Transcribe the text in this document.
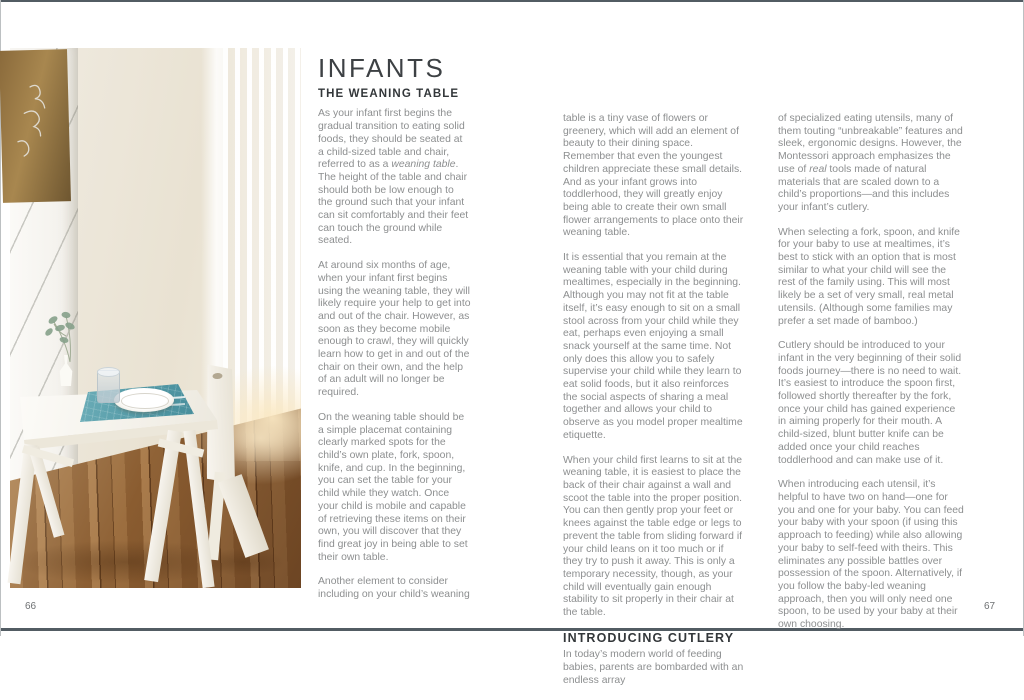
INFANTS
THE WEANING TABLE

As your infant first begins the gradual transition to eating solid foods, they should be seated at a child-sized table and chair, referred to as a weaning table. The height of the table and chair should both be low enough to the ground such that your infant can sit comfortably and their feet can touch the ground while seated.

At around six months of age, when your infant first begins using the weaning table, they will likely require your help to get into and out of the chair. However, as soon as they become mobile enough to crawl, they will quickly learn how to get in and out of the chair on their own, and the help of an adult will no longer be required.

On the weaning table should be a simple placemat containing clearly marked spots for the child’s own plate, fork, spoon, knife, and cup. In the beginning, you can set the table for your child while they watch. Once your child is mobile and capable of retrieving these items on their own, you will discover that they find great joy in being able to set their own table.

Another element to consider including on your child’s weaning

table is a tiny vase of flowers or greenery, which will add an element of beauty to their dining space. Remember that even the youngest children appreciate these small details. And as your infant grows into toddlerhood, they will greatly enjoy being able to create their own small flower arrangements to place onto their weaning table.

It is essential that you remain at the weaning table with your child during mealtimes, especially in the beginning. Although you may not fit at the table itself, it’s easy enough to sit on a small stool across from your child while they eat, perhaps even enjoying a small snack yourself at the same time. Not only does this allow you to safely supervise your child while they learn to eat solid foods, but it also reinforces the social aspects of sharing a meal together and allows your child to observe as you model proper mealtime etiquette.

When your child first learns to sit at the weaning table, it is easiest to place the back of their chair against a wall and scoot the table into the proper position. You can then gently prop your feet or knees against the table edge or legs to prevent the table from sliding forward if your child leans on it too much or if they try to push it away. This is only a temporary necessity, though, as your child will eventually gain enough stability to sit properly in their chair at the table.

INTRODUCING CUTLERY

In today’s modern world of feeding babies, parents are bombarded with an endless array

of specialized eating utensils, many of them touting “unbreakable” features and sleek, ergonomic designs. However, the Montessori approach emphasizes the use of real tools made of natural materials that are scaled down to a child’s proportions—and this includes your infant’s cutlery.

When selecting a fork, spoon, and knife for your baby to use at mealtimes, it’s best to stick with an option that is most similar to what your child will see the rest of the family using. This will most likely be a set of very small, real metal utensils. (Although some families may prefer a set made of bamboo.)

Cutlery should be introduced to your infant in the very beginning of their solid foods journey—there is no need to wait. It’s easiest to introduce the spoon first, followed shortly thereafter by the fork, once your child has gained experience in aiming properly for their mouth. A child-sized, blunt butter knife can be added once your child reaches toddlerhood and can make use of it.

When introducing each utensil, it’s helpful to have two on hand—one for you and one for your baby. You can feed your baby with your spoon (if using this approach to feeding) while also allowing your baby to self-feed with theirs. This eliminates any possible battles over possession of the spoon. Alternatively, if you follow the baby-led weaning approach, then you will only need one spoon, to be used by your baby at their own choosing.

66	67
